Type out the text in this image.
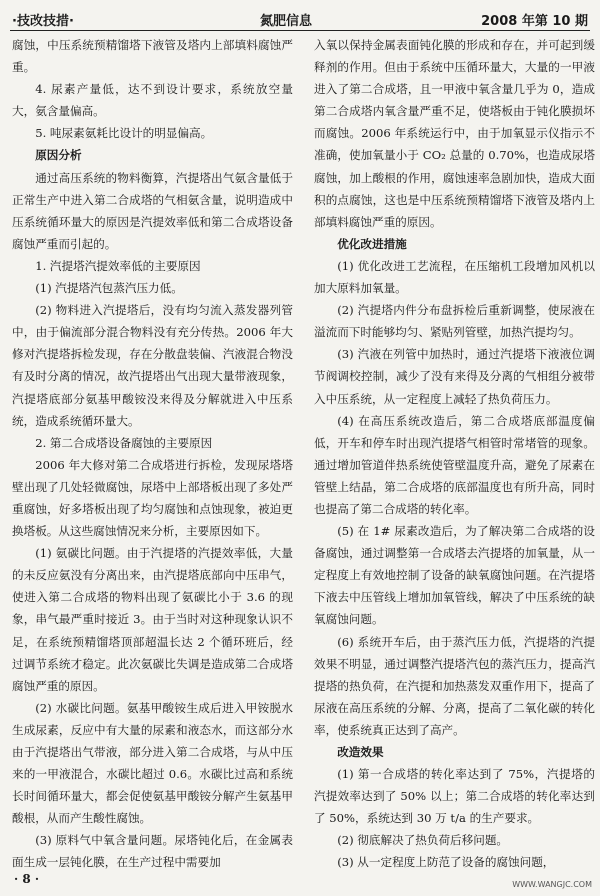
·技改技措·	氮肥信息	2008 年第 10 期

腐蚀，中压系统预精馏塔下液管及塔内上部填料腐蚀严重。

4. 尿素产量低，达不到设计要求，系统放空量大，氨含量偏高。

5. 吨尿素氨耗比设计的明显偏高。

原因分析

通过高压系统的物料衡算，汽提塔出气氨含量低于正常生产中进入第二合成塔的气相氨含量，说明造成中压系统循环量大的原因是汽提效率低和第二合成塔设备腐蚀严重而引起的。

1. 汽提塔汽提效率低的主要原因

(1) 汽提塔汽包蒸汽压力低。

(2) 物料进入汽提塔后，没有均匀流入蒸发器列管中，由于偏流部分混合物料没有充分传热。2006 年大修对汽提塔拆检发现，存在分散盘装偏、汽液混合物没有及时分离的情况，故汽提塔出气出现大量带液现象，汽提塔底部分氨基甲酸铵没来得及分解就进入中压系统，造成系统循环量大。

2. 第二合成塔设备腐蚀的主要原因

2006 年大修对第二合成塔进行拆检，发现尿塔塔壁出现了几处轻微腐蚀，尿塔中上部塔板出现了多处严重腐蚀，好多塔板出现了均匀腐蚀和点蚀现象，被迫更换塔板。从这些腐蚀情况来分析，主要原因如下。

(1) 氨碳比问题。由于汽提塔的汽提效率低，大量的未反应氨没有分离出来，由汽提塔底部向中压串气，使进入第二合成塔的物料出现了氨碳比小于 3.6 的现象，串气最严重时接近 3。由于当时对这种现象认识不足，在系统预精馏塔顶部超温长达 2 个循环班后，经过调节系统才稳定。此次氨碳比失调是造成第二合成塔腐蚀严重的原因。

(2) 水碳比问题。氨基甲酸铵生成后进入甲铵脱水生成尿素，反应中有大量的尿素和液态水，而这部分水由于汽提塔出气带液，部分进入第二合成塔，与从中压来的一甲液混合，水碳比超过 0.6。水碳比过高和系统长时间循环量大，都会促使氨基甲酸铵分解产生氨基甲酸根，从而产生酸性腐蚀。

(3) 原料气中氧含量问题。尿塔钝化后，在金属表面生成一层钝化膜，在生产过程中需要加

入氧以保持金属表面钝化膜的形成和存在，并可起到缓释剂的作用。但由于系统中压循环量大，大量的一甲液进入了第二合成塔，且一甲液中氧含量几乎为 0，造成第二合成塔内氧含量严重不足，使塔板由于钝化膜损坏而腐蚀。2006 年系统运行中，由于加氧显示仪指示不准确，使加氧量小于 CO₂ 总量的 0.70%，也造成尿塔腐蚀，加上酸根的作用，腐蚀速率急剧加快，造成大面积的点腐蚀，这也是中压系统预精馏塔下液管及塔内上部填料腐蚀严重的原因。

优化改进措施

(1) 优化改进工艺流程，在压缩机工段增加风机以加大原料加氧量。

(2) 汽提塔内件分布盘拆检后重新调整，使尿液在溢流而下时能够均匀、紧贴列管壁，加热汽提均匀。

(3) 汽液在列管中加热时，通过汽提塔下液液位调节阀调校控制，减少了没有来得及分离的气相组分被带入中压系统，从一定程度上减轻了热负荷压力。

(4) 在高压系统改造后，第二合成塔底部温度偏低，开车和停车时出现汽提塔气相管时常堵管的现象。通过增加管道伴热系统使管壁温度升高，避免了尿素在管壁上结晶，第二合成塔的底部温度也有所升高，同时也提高了第二合成塔的转化率。

(5) 在 1# 尿素改造后，为了解决第二合成塔的设备腐蚀，通过调整第一合成塔去汽提塔的加氧量，从一定程度上有效地控制了设备的缺氧腐蚀问题。在汽提塔下液去中压管线上增加加氧管线，解决了中压系统的缺氧腐蚀问题。

(6) 系统开车后，由于蒸汽压力低，汽提塔的汽提效果不明显，通过调整汽提塔汽包的蒸汽压力，提高汽提塔的热负荷，在汽提和加热蒸发双重作用下，提高了尿液在高压系统的分解、分离，提高了二氧化碳的转化率，使系统真正达到了高产。

改造效果

(1) 第一合成塔的转化率达到了 75%，汽提塔的汽提效率达到了 50% 以上；第二合成塔的转化率达到了 50%，系统达到 30 万 t/a 的生产要求。

(2) 彻底解决了热负荷后移问题。

(3) 从一定程度上防范了设备的腐蚀问题，

· 8 ·	WWW.WANGJC.COM
